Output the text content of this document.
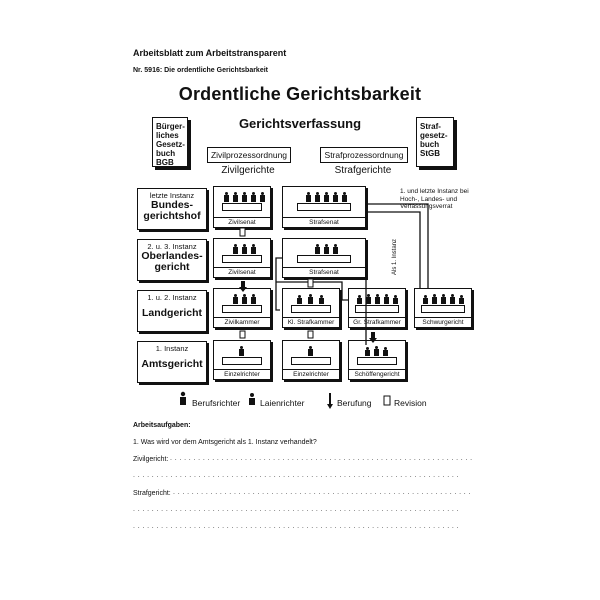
Arbeitsblatt zum Arbeitstransparent
Nr. 5916: Die ordentliche Gerichtsbarkeit
Ordentliche Gerichtsbarkeit
Gerichtsverfassung
Bürger-
liches
Gesetz-
buch
BGB
Straf-
gesetz-
buch
StGB
Zivilprozessordnung	Strafprozessordnung
Zivilgerichte	Strafgerichte
letzte Instanz
Bundes-
gerichtshof
2. u. 3. Instanz
Oberlandes-
gericht
1. u. 2. Instanz
Landgericht
1. Instanz
Amtsgericht
Zivilsenat	Strafsenat
Zivilsenat	Strafsenat
Zivilkammer	Kl. Strafkammer	Gr. Strafkammer	Schwurgericht
Einzelrichter	Einzelrichter	Schöffengericht
1. und letzte Instanz bei Hoch-, Landes- und Verfassungsverrat
Als 1. Instanz
Berufsrichter Laienrichter	Berufung	Revision
Arbeitsaufgaben:
1. Was wird vor dem Amtsgericht als 1. Instanz verhandelt?
Zivilgericht: . . . . . . . . . . . . . . . . . . . . . . . . . . . . . . . . . . . . . . . . . . . . . . . . . . . . . . . . . . . . . . . . .
. . . . . . . . . . . . . . . . . . . . . . . . . . . . . . . . . . . . . . . . . . . . . . . . . . . . . . . . . . . . . . . . . . . . . .
Strafgericht: . . . . . . . . . . . . . . . . . . . . . . . . . . . . . . . . . . . . . . . . . . . . . . . . . . . . . . . . . . . . . . . .
. . . . . . . . . . . . . . . . . . . . . . . . . . . . . . . . . . . . . . . . . . . . . . . . . . . . . . . . . . . . . . . . . . . . . .
. . . . . . . . . . . . . . . . . . . . . . . . . . . . . . . . . . . . . . . . . . . . . . . . . . . . . . . . . . . . . . . . . . . . . .
